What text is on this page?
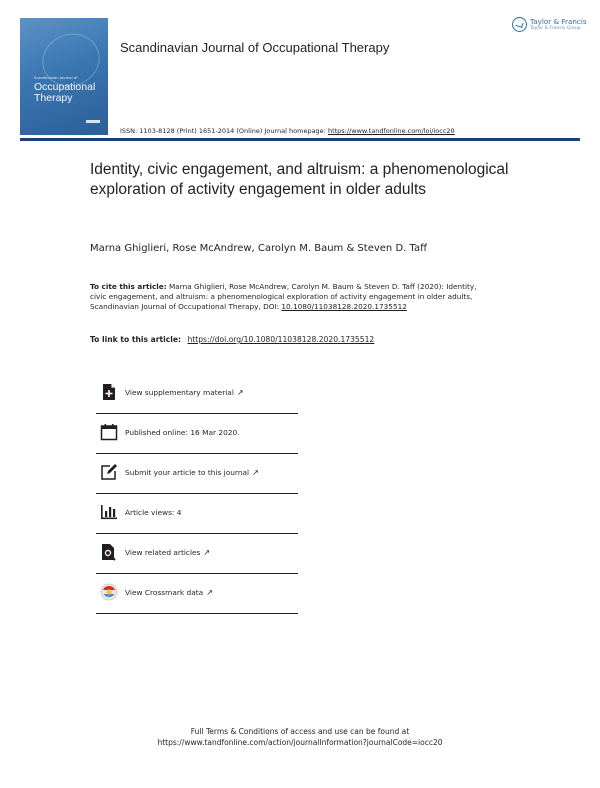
Scandinavian Journal of
Occupational Therapy
Scandinavian Journal of Occupational Therapy
Taylor & Francis
Taylor & Francis Group
ISSN: 1103-8128 (Print) 1651-2014 (Online) Journal homepage: https://www.tandfonline.com/loi/iocc20
Identity, civic engagement, and altruism: a phenomenological exploration of activity engagement in older adults
Marna Ghiglieri, Rose McAndrew, Carolyn M. Baum & Steven D. Taff
To cite this article: Marna Ghiglieri, Rose McAndrew, Carolyn M. Baum & Steven D. Taff (2020): Identity, civic engagement, and altruism: a phenomenological exploration of activity engagement in older adults, Scandinavian Journal of Occupational Therapy, DOI: 10.1080/11038128.2020.1735512
To link to this article: https://doi.org/10.1080/11038128.2020.1735512
View supplementary material ↗
Published online: 16 Mar 2020.
Submit your article to this journal ↗
Article views: 4
View related articles ↗
View Crossmark data ↗
Full Terms & Conditions of access and use can be found at
https://www.tandfonline.com/action/journalInformation?journalCode=iocc20
